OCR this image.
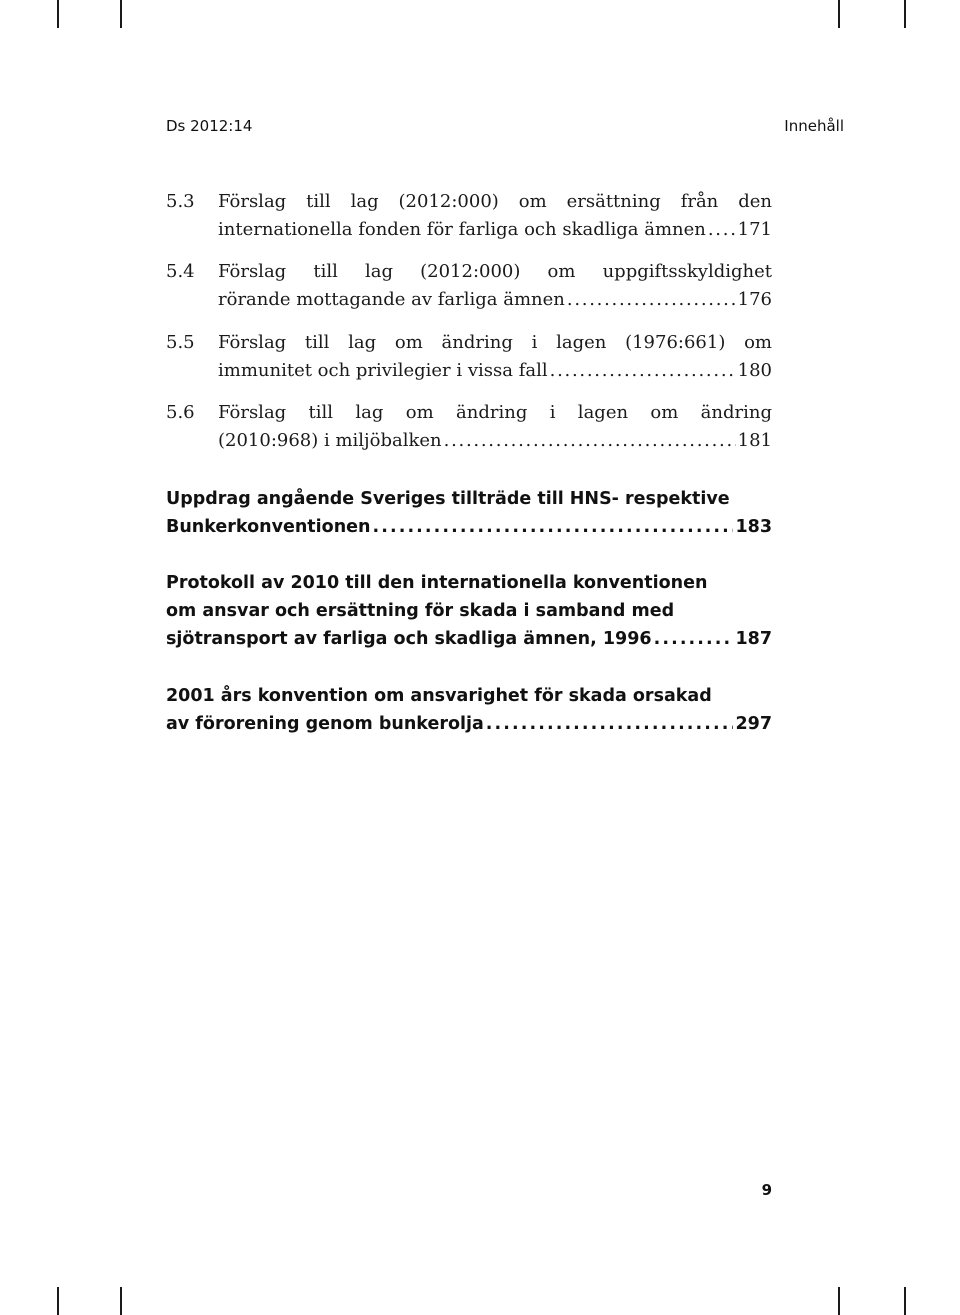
Ds 2012:14	Innehåll
5.3	Förslag till lag (2012:000) om ersättning från den
internationella fonden för farliga och skadliga ämnen . . . 171
5.4	Förslag till lag (2012:000) om uppgiftsskyldighet
rörande mottagande av farliga ämnen . . .	176
5.5	Förslag till lag om ändring i lagen (1976:661) om
immunitet och privilegier i vissa fall . . .	180
5.6	Förslag till lag om ändring i lagen om ändring
(2010:968) i miljöbalken . . .	181
Uppdrag angående Sveriges tillträde till HNS- respektive
Bunkerkonventionen . . .	183
Protokoll av 2010 till den internationella konventionen
om ansvar och ersättning för skada i samband med
sjötransport av farliga och skadliga ämnen, 1996 . . .	187
2001 års konvention om ansvarighet för skada orsakad
av förorening genom bunkerolja . . .	297
9
